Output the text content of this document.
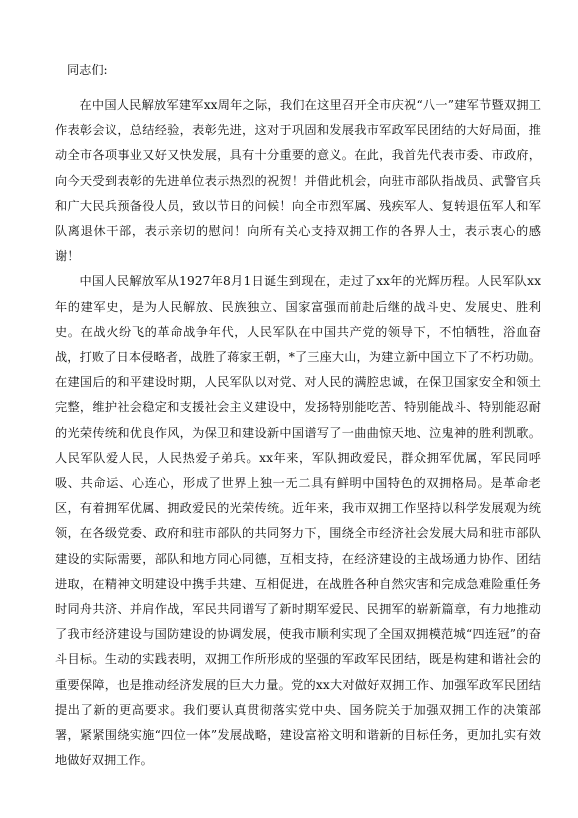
同志们:

在中国人民解放军建军xx周年之际，我们在这里召开全市庆祝“八一”建军节暨双拥工作表彰会议，总结经验，表彰先进，这对于巩固和发展我市军政军民团结的大好局面，推动全市各项事业又好又快发展，具有十分重要的意义。在此，我首先代表市委、市政府，向今天受到表彰的先进单位表示热烈的祝贺！并借此机会，向驻市部队指战员、武警官兵和广大民兵预备役人员，致以节日的问候！向全市烈军属、残疾军人、复转退伍军人和军队离退休干部，表示亲切的慰问！向所有关心支持双拥工作的各界人士，表示衷心的感谢！

中国人民解放军从1927年8月1日诞生到现在，走过了xx年的光辉历程。人民军队xx年的建军史，是为人民解放、民族独立、国家富强而前赴后继的战斗史、发展史、胜利史。在战火纷飞的革命战争年代，人民军队在中国共产党的领导下，不怕牺牲，浴血奋战，打败了日本侵略者，战胜了蒋家王朝，*了三座大山，为建立新中国立下了不朽功勋。在建国后的和平建设时期，人民军队以对党、对人民的满腔忠诚，在保卫国家安全和领土完整，维护社会稳定和支援社会主义建设中，发扬特别能吃苦、特别能战斗、特别能忍耐的光荣传统和优良作风，为保卫和建设新中国谱写了一曲曲惊天地、泣鬼神的胜利凯歌。人民军队爱人民，人民热爱子弟兵。xx年来，军队拥政爱民，群众拥军优属，军民同呼吸、共命运、心连心，形成了世界上独一无二具有鲜明中国特色的双拥格局。是革命老区，有着拥军优属、拥政爱民的光荣传统。近年来，我市双拥工作坚持以科学发展观为统领，在各级党委、政府和驻市部队的共同努力下，围绕全市经济社会发展大局和驻市部队建设的实际需要，部队和地方同心同德，互相支持，在经济建设的主战场通力协作、团结进取，在精神文明建设中携手共建、互相促进，在战胜各种自然灾害和完成急难险重任务时同舟共济、并肩作战，军民共同谱写了新时期军爱民、民拥军的崭新篇章，有力地推动了我市经济建设与国防建设的协调发展，使我市顺利实现了全国双拥模范城“四连冠”的奋斗目标。生动的实践表明，双拥工作所形成的坚强的军政军民团结，既是构建和谐社会的重要保障，也是推动经济发展的巨大力量。党的xx大对做好双拥工作、加强军政军民团结提出了新的更高要求。我们要认真贯彻落实党中央、国务院关于加强双拥工作的决策部署，紧紧围绕实施“四位一体”发展战略，建设富裕文明和谐新的目标任务，更加扎实有效地做好双拥工作。
